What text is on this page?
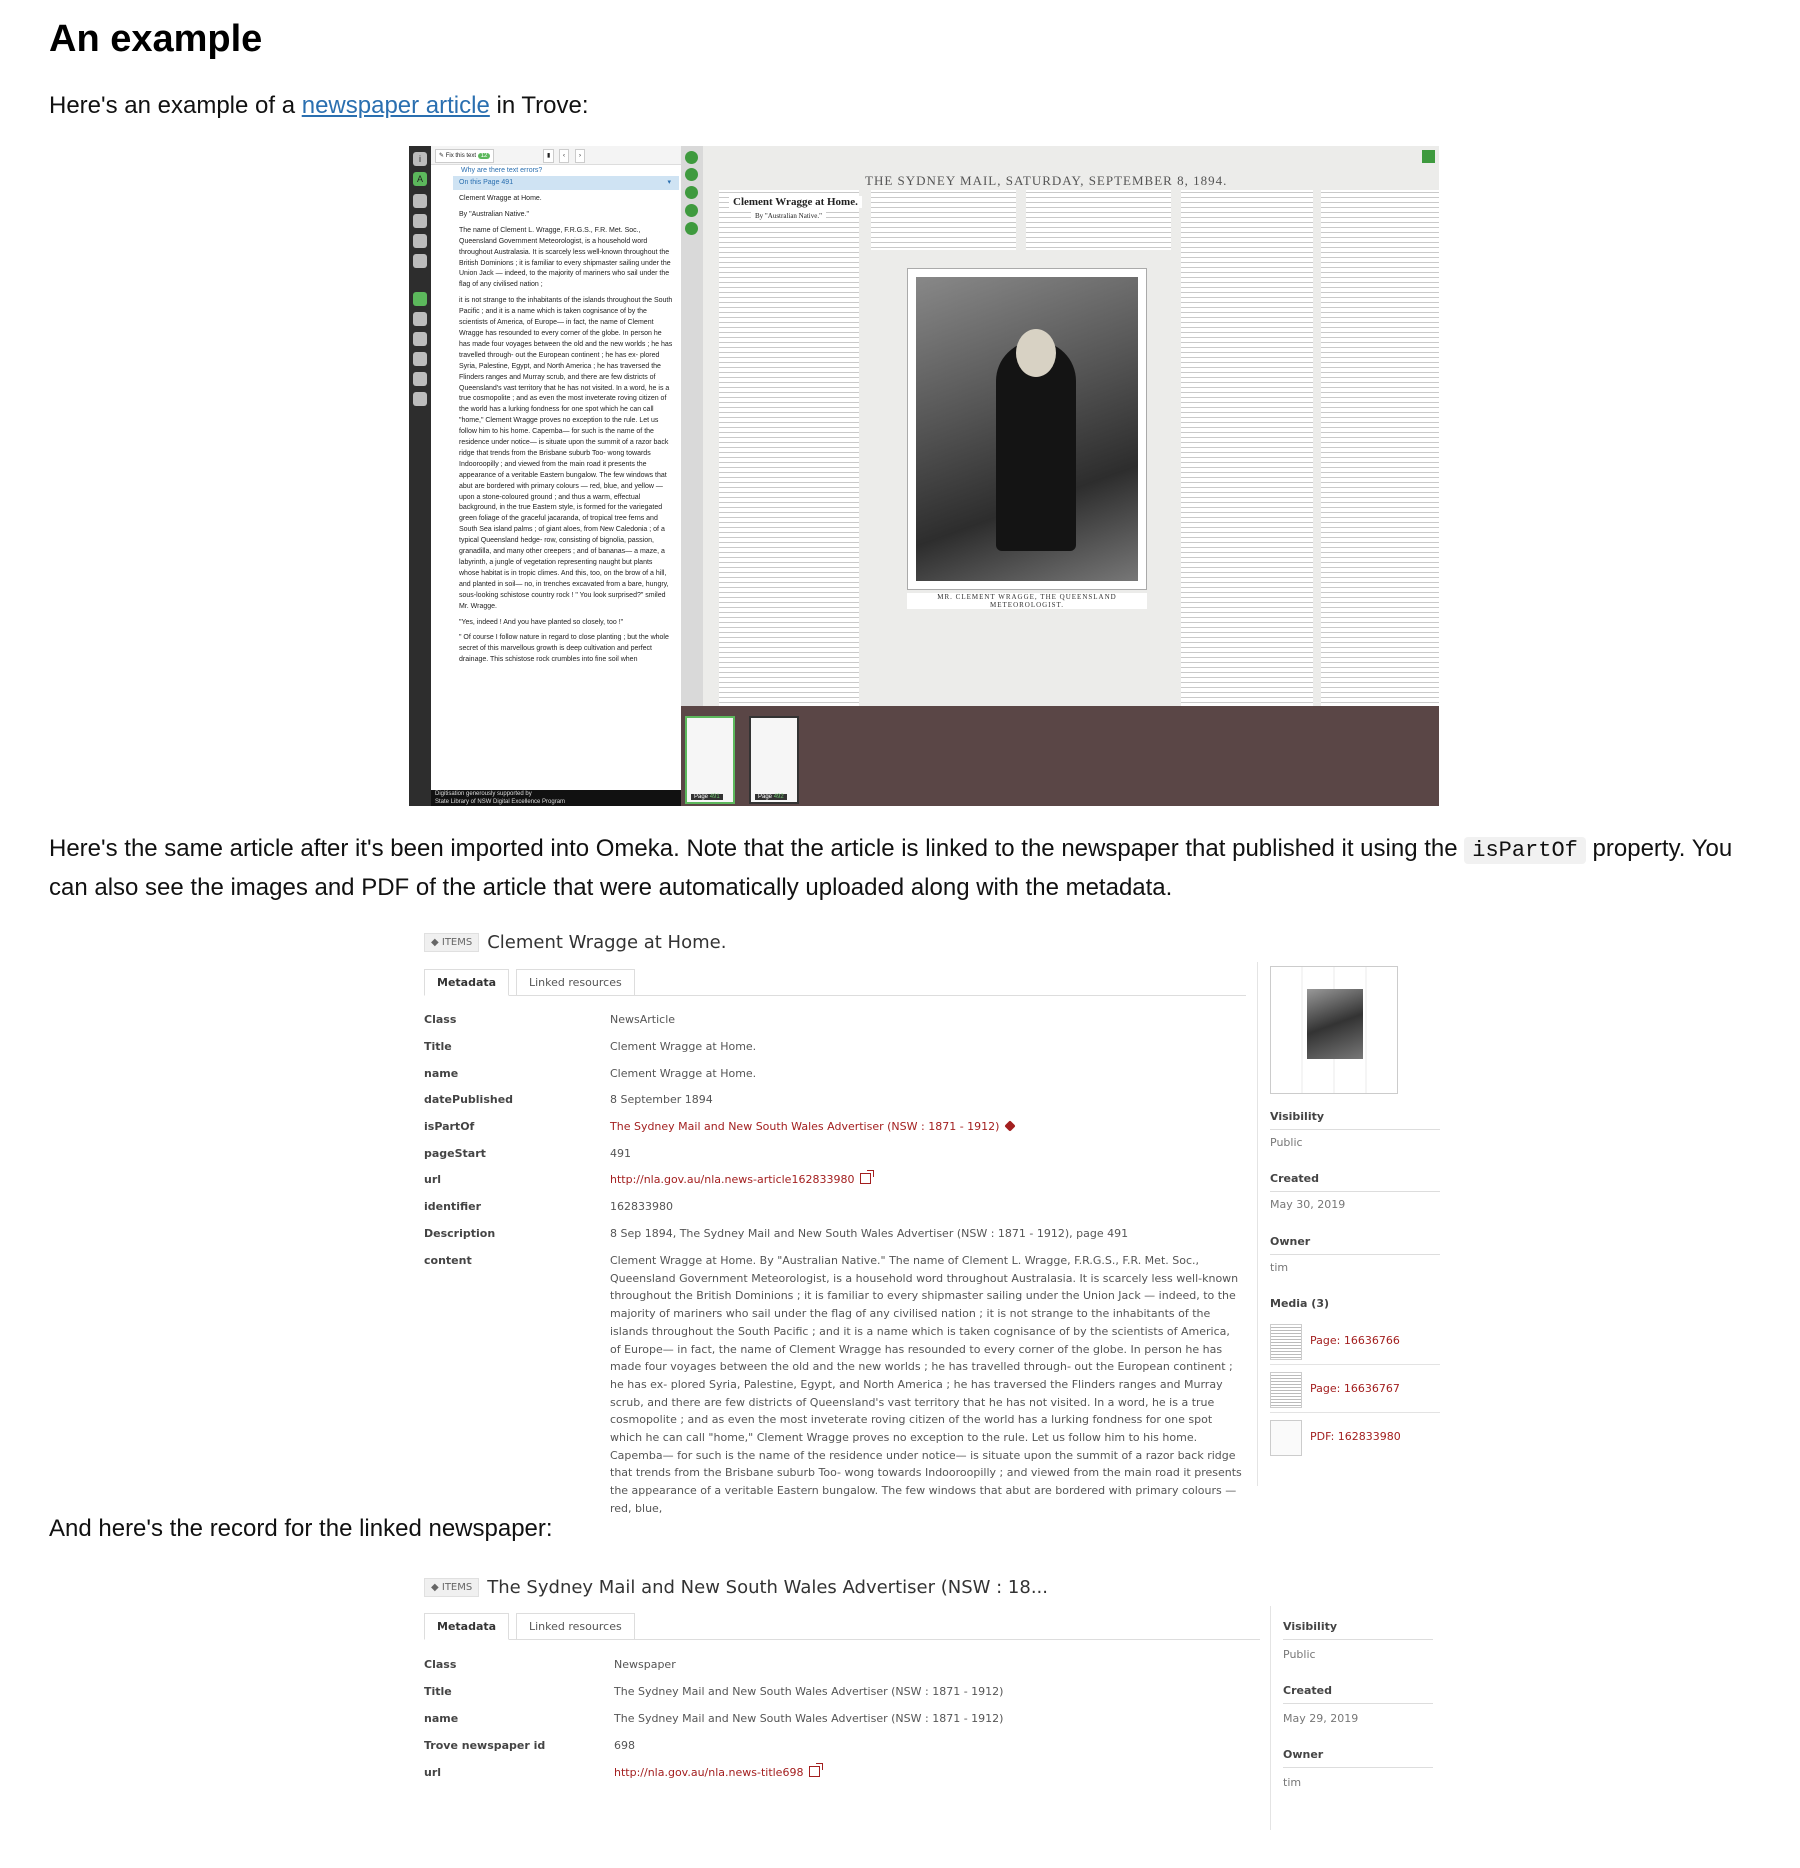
An example
Here's an example of a newspaper article in Trove:
i
A
✎ Fix this text 12	▮	‹	›
Why are there text errors?
On this Page 491	▾

Clement Wragge at Home.

By "Australian Native."

The name of Clement L. Wragge, F.R.G.S., F.R. Met. Soc., Queensland Government Meteorologist, is a household word throughout Australasia. It is scarcely less well-known throughout the British Dominions ; it is familiar to every shipmaster sailing under the Union Jack — indeed, to the majority of mariners who sail under the flag of any civilised nation ;

it is not strange to the inhabitants of the islands throughout the South Pacific ; and it is a name which is taken cognisance of by the scientists of America, of Europe— in fact, the name of Clement Wragge has resounded to every corner of the globe. In person he has made four voyages between the old and the new worlds ; he has travelled through- out the European continent ; he has ex- plored Syria, Palestine, Egypt, and North America ; he has traversed the Flinders ranges and Murray scrub, and there are few districts of Queensland's vast territory that he has not visited. In a word, he is a true cosmopolite ; and as even the most inveterate roving citizen of the world has a lurking fondness for one spot which he can call "home," Clement Wragge proves no exception to the rule. Let us follow him to his home. Capemba— for such is the name of the residence under notice— is situate upon the summit of a razor back ridge that trends from the Brisbane suburb Too- wong towards Indooroopilly ; and viewed from the main road it presents the appearance of a veritable Eastern bungalow. The few windows that abut are bordered with primary colours — red, blue, and yellow —upon a stone-coloured ground ; and thus a warm, effectual background, in the true Eastern style, is formed for the variegated green foliage of the graceful jacaranda, of tropical tree ferns and South Sea island palms ; of giant aloes, from New Caledonia ; of a typical Queensland hedge- row, consisting of bignolia, passion, granadilla, and many other creepers ; and of bananas— a maze, a labyrinth, a jungle of vegetation representing naught but plants whose habitat is in tropic climes. And this, too, on the brow of a hill, and planted in soil— no, in trenches excavated from a bare, hungry, sous-looking schistose country rock ! " You look surprised?" smiled Mr. Wragge.

"Yes, indeed ! And you have planted so closely, too !"

" Of course I follow nature in regard to close planting ; but the whole secret of this marvellous growth is deep cultivation and perfect drainage. This schistose rock crumbles into fine soil when

Digitisation generously supported by
State Library of NSW Digital Excellence Program
THE SYDNEY MAIL, SATURDAY, SEPTEMBER 8, 1894.
Clement Wragge at Home.
By "Australian Native."
MR. CLEMENT WRAGGE, THE QUEENSLAND METEOROLOGIST.
Page 491	Page 492
Here's the same article after it's been imported into Omeka. Note that the article is linked to the newspaper that published it using the isPartOf property. You can also see the images and PDF of the article that were automatically uploaded along with the metadata.
◆ ITEMS Clement Wragge at Home.
Metadata	Linked resources
Class	NewsArticle
Title	Clement Wragge at Home.
name	Clement Wragge at Home.
datePublished	8 September 1894
isPartOf	The Sydney Mail and New South Wales Advertiser (NSW : 1871 - 1912)
pageStart	491
url	http://nla.gov.au/nla.news-article162833980
identifier	162833980
Description	8 Sep 1894, The Sydney Mail and New South Wales Advertiser (NSW : 1871 - 1912), page 491
content	Clement Wragge at Home. By "Australian Native." The name of Clement L. Wragge, F.R.G.S., F.R. Met. Soc., Queensland Government Meteorologist, is a household word throughout Australasia. It is scarcely less well-known throughout the British Dominions ; it is familiar to every shipmaster sailing under the Union Jack — indeed, to the majority of mariners who sail under the flag of any civilised nation ; it is not strange to the inhabitants of the islands throughout the South Pacific ; and it is a name which is taken cognisance of by the scientists of America, of Europe— in fact, the name of Clement Wragge has resounded to every corner of the globe. In person he has made four voyages between the old and the new worlds ; he has travelled through- out the European continent ; he has ex- plored Syria, Palestine, Egypt, and North America ; he has traversed the Flinders ranges and Murray scrub, and there are few districts of Queensland's vast territory that he has not visited. In a word, he is a true cosmopolite ; and as even the most inveterate roving citizen of the world has a lurking fondness for one spot which he can call "home," Clement Wragge proves no exception to the rule. Let us follow him to his home. Capemba— for such is the name of the residence under notice— is situate upon the summit of a razor back ridge that trends from the Brisbane suburb Too- wong towards Indooroopilly ; and viewed from the main road it presents the appearance of a veritable Eastern bungalow. The few windows that abut are bordered with primary colours — red, blue,
Visibility
Public
Created
May 30, 2019
Owner
tim
Media (3)
Page: 16636766
Page: 16636767
PDF: 162833980
And here's the record for the linked newspaper:
◆ ITEMS The Sydney Mail and New South Wales Advertiser (NSW : 18...
Metadata	Linked resources
Class	Newspaper
Title	The Sydney Mail and New South Wales Advertiser (NSW : 1871 - 1912)
name	The Sydney Mail and New South Wales Advertiser (NSW : 1871 - 1912)
Trove newspaper id	698
url	http://nla.gov.au/nla.news-title698
Visibility
Public
Created
May 29, 2019
Owner
tim
